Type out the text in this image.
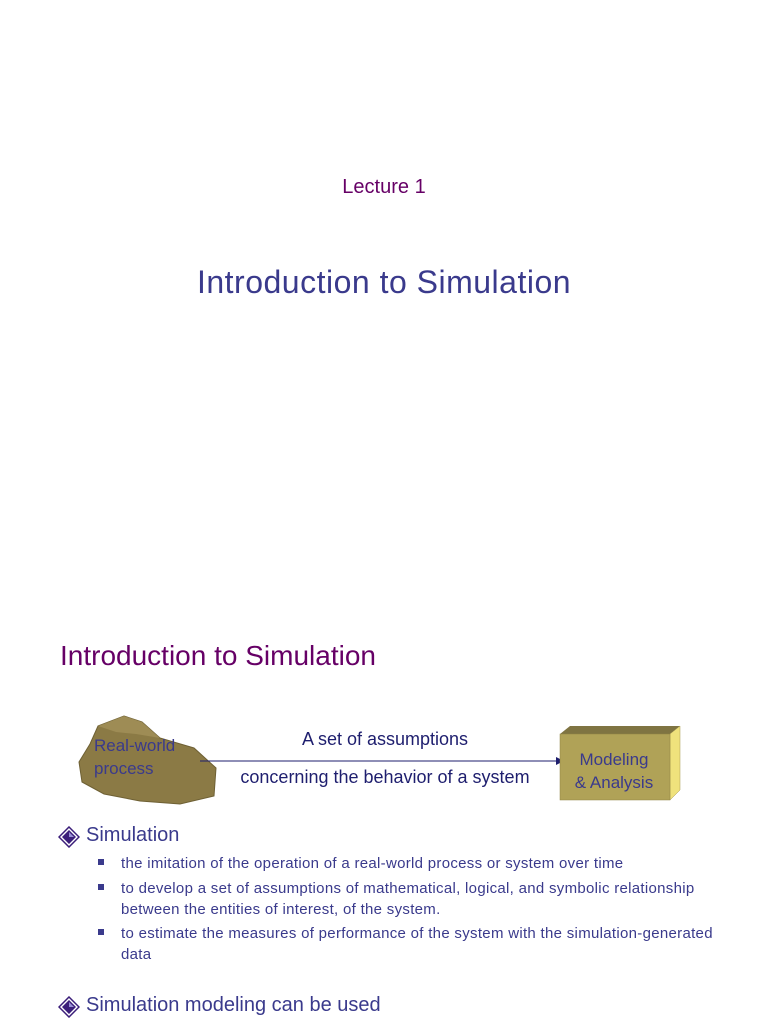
Lecture 1
Introduction to Simulation
Introduction to Simulation
Real-world
process
A set of assumptions
concerning the behavior of a system
Modeling
& Analysis
Simulation
the imitation of the operation of a real-world process or system over time
to develop a set of assumptions of mathematical, logical, and symbolic relationship between the entities of interest, of the system.
to estimate the measures of performance of the system with the simulation-generated data
Simulation modeling can be used
